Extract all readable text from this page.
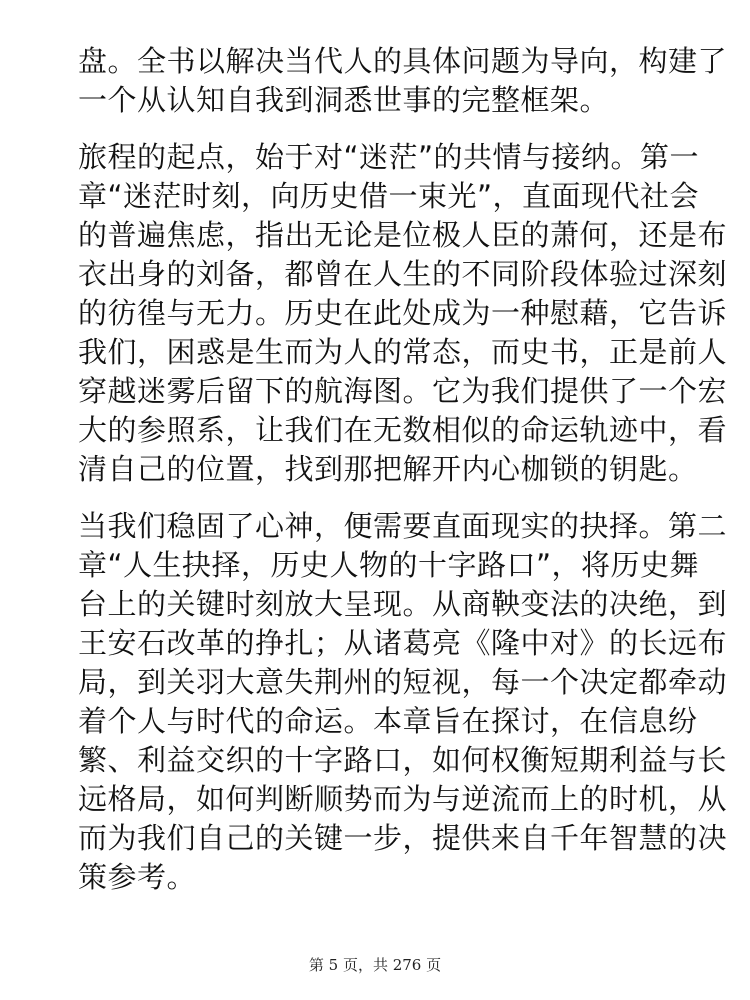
盘。全书以解决当代人的具体问题为导向，构建了
一个从认知自我到洞悉世事的完整框架。

旅程的起点，始于对“迷茫”的共情与接纳。第一
章“迷茫时刻，向历史借一束光”，直面现代社会
的普遍焦虑，指出无论是位极人臣的萧何，还是布
衣出身的刘备，都曾在人生的不同阶段体验过深刻
的彷徨与无力。历史在此处成为一种慰藉，它告诉
我们，困惑是生而为人的常态，而史书，正是前人
穿越迷雾后留下的航海图。它为我们提供了一个宏
大的参照系，让我们在无数相似的命运轨迹中，看
清自己的位置，找到那把解开内心枷锁的钥匙。

当我们稳固了心神，便需要直面现实的抉择。第二
章“人生抉择，历史人物的十字路口”，将历史舞
台上的关键时刻放大呈现。从商鞅变法的决绝，到
王安石改革的挣扎；从诸葛亮《隆中对》的长远布
局，到关羽大意失荆州的短视，每一个决定都牵动
着个人与时代的命运。本章旨在探讨，在信息纷
繁、利益交织的十字路口，如何权衡短期利益与长
远格局，如何判断顺势而为与逆流而上的时机，从
而为我们自己的关键一步，提供来自千年智慧的决
策参考。

第 5 页，共 276 页
